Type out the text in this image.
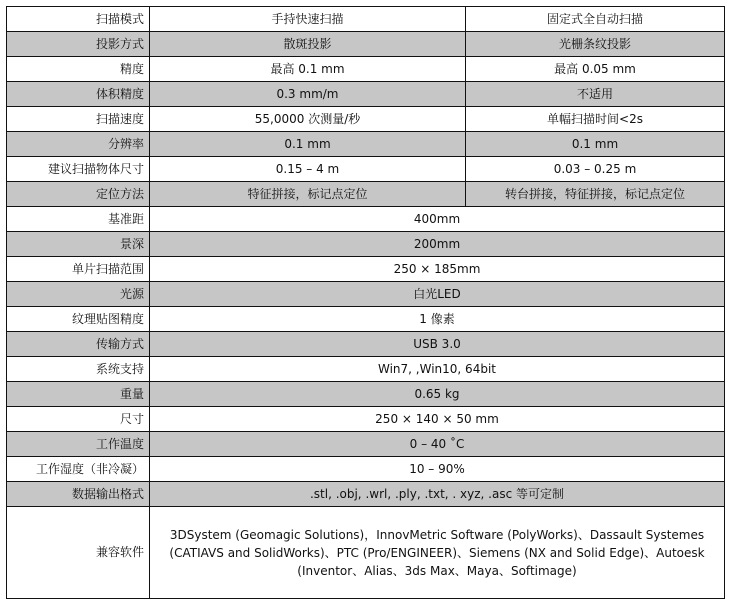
扫描模式	手持快速扫描	固定式全自动扫描
投影方式	散斑投影	光栅条纹投影
精度	最高 0.1 mm	最高 0.05 mm
体积精度	0.3 mm/m	不适用
扫描速度	55,0000 次测量/秒	单幅扫描时间<2s
分辨率	0.1 mm	0.1 mm
建议扫描物体尺寸	0.15 – 4 m	0.03 – 0.25 m
定位方法	特征拼接，标记点定位	转台拼接，特征拼接，标记点定位
基准距	400mm	
景深	200mm	
单片扫描范围	250 × 185mm	
光源	白光LED	
纹理贴图精度	1 像素	
传输方式	USB 3.0	
系统支持	Win7, ,Win10, 64bit	
重量	0.65 kg	
尺寸	250 × 140 × 50 mm	
工作温度	0 – 40 ˚C	
工作湿度（非冷凝）	10 – 90%	
数据输出格式	.stl, .obj, .wrl, .ply, .txt, . xyz, .asc 等可定制	
兼容软件	3DSystem (Geomagic Solutions)，InnovMetric Software (PolyWorks)、Dassault Systemes (CATIAVS and SolidWorks)、PTC (Pro/ENGINEER)、Siemens (NX and Solid Edge)、Autoesk (Inventor、Alias、3ds Max、Maya、Softimage)	
